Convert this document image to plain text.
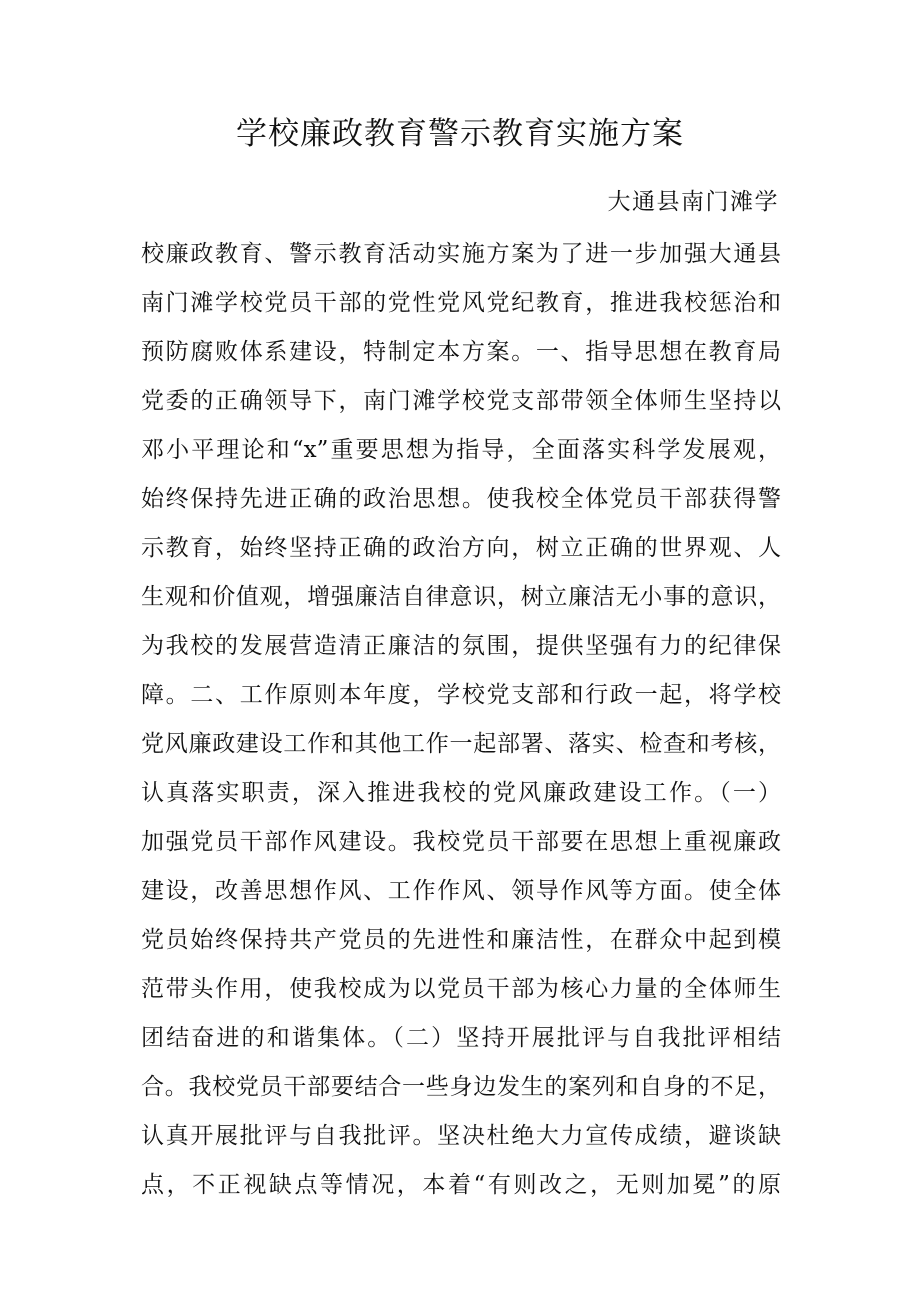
学校廉政教育警示教育实施方案

大通县南门滩学

校廉政教育、警示教育活动实施方案为了进一步加强大通县
南门滩学校党员干部的党性党风党纪教育，推进我校惩治和
预防腐败体系建设，特制定本方案。一、指导思想在教育局
党委的正确领导下，南门滩学校党支部带领全体师生坚持以
邓小平理论和“x”重要思想为指导，全面落实科学发展观，
始终保持先进正确的政治思想。使我校全体党员干部获得警
示教育，始终坚持正确的政治方向，树立正确的世界观、人
生观和价值观，增强廉洁自律意识，树立廉洁无小事的意识，
为我校的发展营造清正廉洁的氛围，提供坚强有力的纪律保
障。二、工作原则本年度，学校党支部和行政一起，将学校
党风廉政建设工作和其他工作一起部署、落实、检查和考核，
认真落实职责，深入推进我校的党风廉政建设工作。（一）
加强党员干部作风建设。我校党员干部要在思想上重视廉政
建设，改善思想作风、工作作风、领导作风等方面。使全体
党员始终保持共产党员的先进性和廉洁性，在群众中起到模
范带头作用，使我校成为以党员干部为核心力量的全体师生
团结奋进的和谐集体。（二）坚持开展批评与自我批评相结
合。我校党员干部要结合一些身边发生的案列和自身的不足，
认真开展批评与自我批评。坚决杜绝大力宣传成绩，避谈缺
点，不正视缺点等情况，本着“有则改之，无则加冕”的原
